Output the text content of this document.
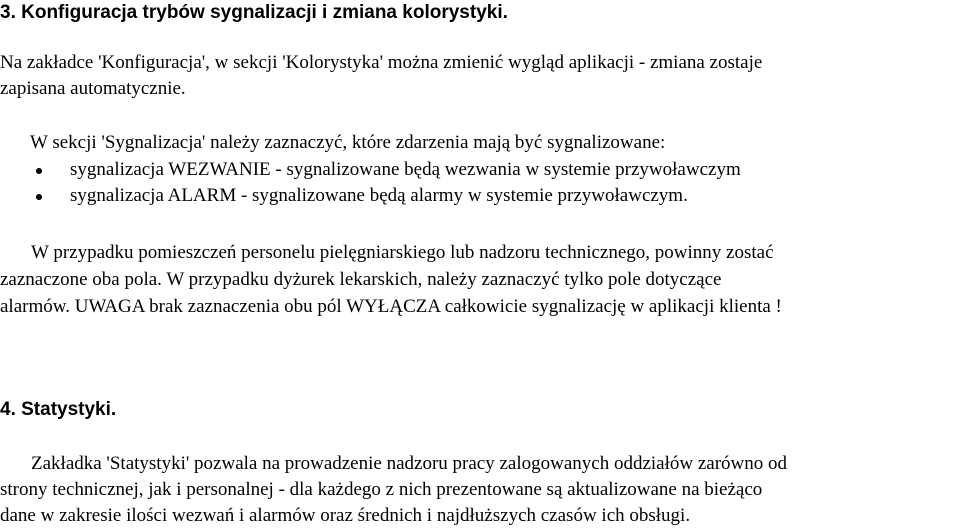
3. Konfiguracja trybów sygnalizacji i zmiana kolorystyki.

Na zakładce 'Konfiguracja', w sekcji 'Kolorystyka' można zmienić wygląd aplikacji - zmiana zostaje
zapisana automatycznie.

W sekcji 'Sygnalizacja' należy zaznaczyć, które zdarzenia mają być sygnalizowane:

sygnalizacja WEZWANIE - sygnalizowane będą wezwania w systemie przywoławczym
sygnalizacja ALARM - sygnalizowane będą alarmy w systemie przywoławczym.

W przypadku pomieszczeń personelu pielęgniarskiego lub nadzoru technicznego, powinny zostać
zaznaczone oba pola. W przypadku dyżurek lekarskich, należy zaznaczyć tylko pole dotyczące
alarmów. UWAGA brak zaznaczenia obu pól WYŁĄCZA całkowicie sygnalizację w aplikacji klienta !

4. Statystyki.

Zakładka 'Statystyki' pozwala na prowadzenie nadzoru pracy zalogowanych oddziałów zarówno od
strony technicznej, jak i personalnej - dla każdego z nich prezentowane są aktualizowane na bieżąco
dane w zakresie ilości wezwań i alarmów oraz średnich i najdłuższych czasów ich obsługi.
